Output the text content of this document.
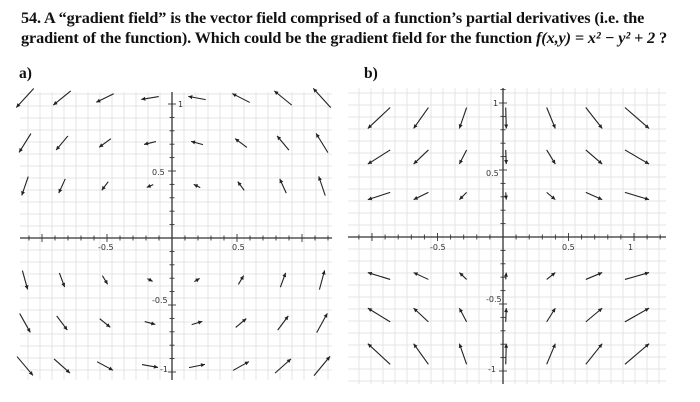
54. A “gradient field” is the vector field comprised of a function’s partial derivatives (i.e. the
gradient of the function). Which could be the gradient field for the function f(x,y) = x² − y² + 2 ?
a)	b)
1
0.5
-0.5
-1
-0.5	0.5
1
0.5
-0.5
-1
-0.5	0.5	1
